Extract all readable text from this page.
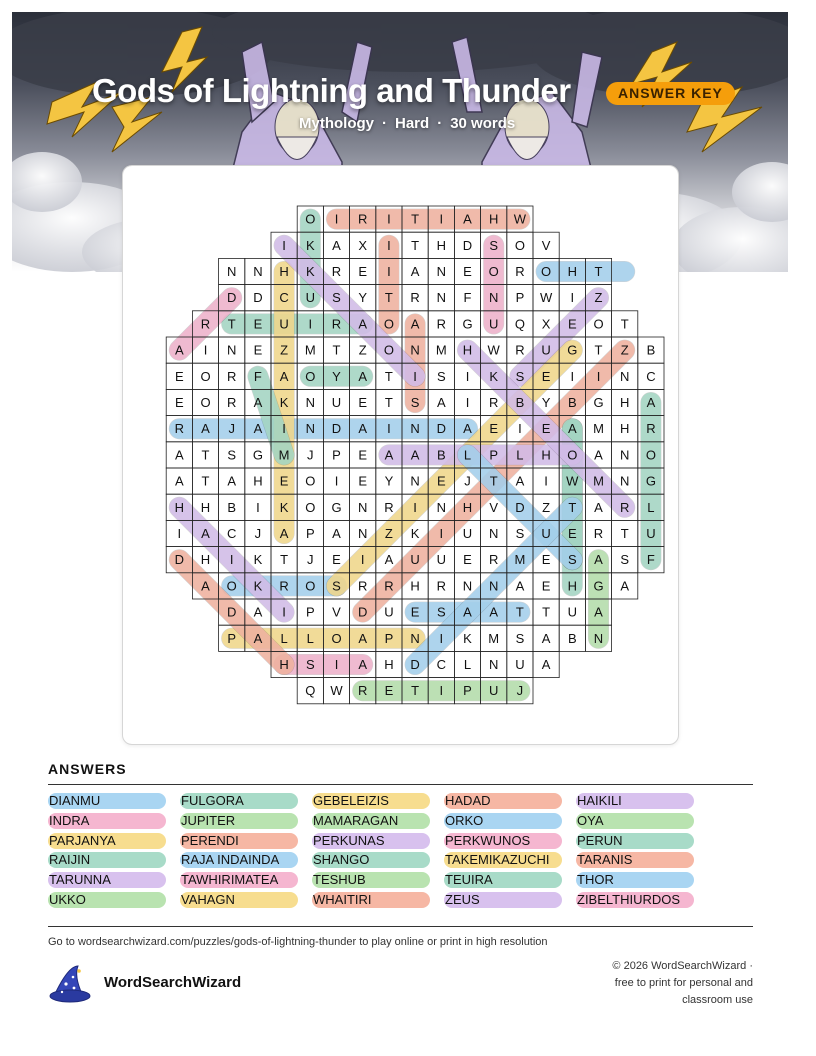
Gods of Lightning and Thunder	ANSWER KEY
Mythology · Hard · 30 words
O I R I T I A H W
I K A X I T H D S O V
N N H K R E I A N E O R O H T
D D C U S Y T R N F N P W I Z
R T E U I R A O A R G U Q X E O T
A I N E Z M T Z O N M H W R U G T Z B
E O R F A O Y A T I S I K S E I I N C
E O R A K N U E T S A I R B Y B G H A
R A J A I N D A I N D A E I E A M H R
A T S G M J P E A A B L P L H O A N O
A T A H E O I E Y N E J T A I W M N G
H H B I K O G N R I N H V D Z T A R L
I A C J A P A N Z K I U N S U E R T U
D H I K T J E I A U U E R M E S A S F
A O K R O S R R H R N N A E H G A
D A I P V D U E S A A T T U A
P A L L O A P N I K M S A B N
H S I A H D C L N U A
Q W R E T I P U J
ANSWERS
DIANMU
INDRA
PARJANYA
RAIJIN
TARUNNA
UKKO
FULGORA
JUPITER
PERENDI
RAJA INDAINDA
TAWHIRIMATEA
VAHAGN
GEBELEIZIS
MAMARAGAN
PERKUNAS
SHANGO
TESHUB
WHAITIRI
HADAD
ORKO
PERKWUNOS
TAKEMIKAZUCHI
TEUIRA
ZEUS
HAIKILI
OYA
PERUN
TARANIS
THOR
ZIBELTHIURDOS
Go to wordsearchwizard.com/puzzles/gods-of-lightning-thunder to play online or print in high resolution
WordSearchWizard
© 2026 WordSearchWizard ·
free to print for personal and
classroom use
